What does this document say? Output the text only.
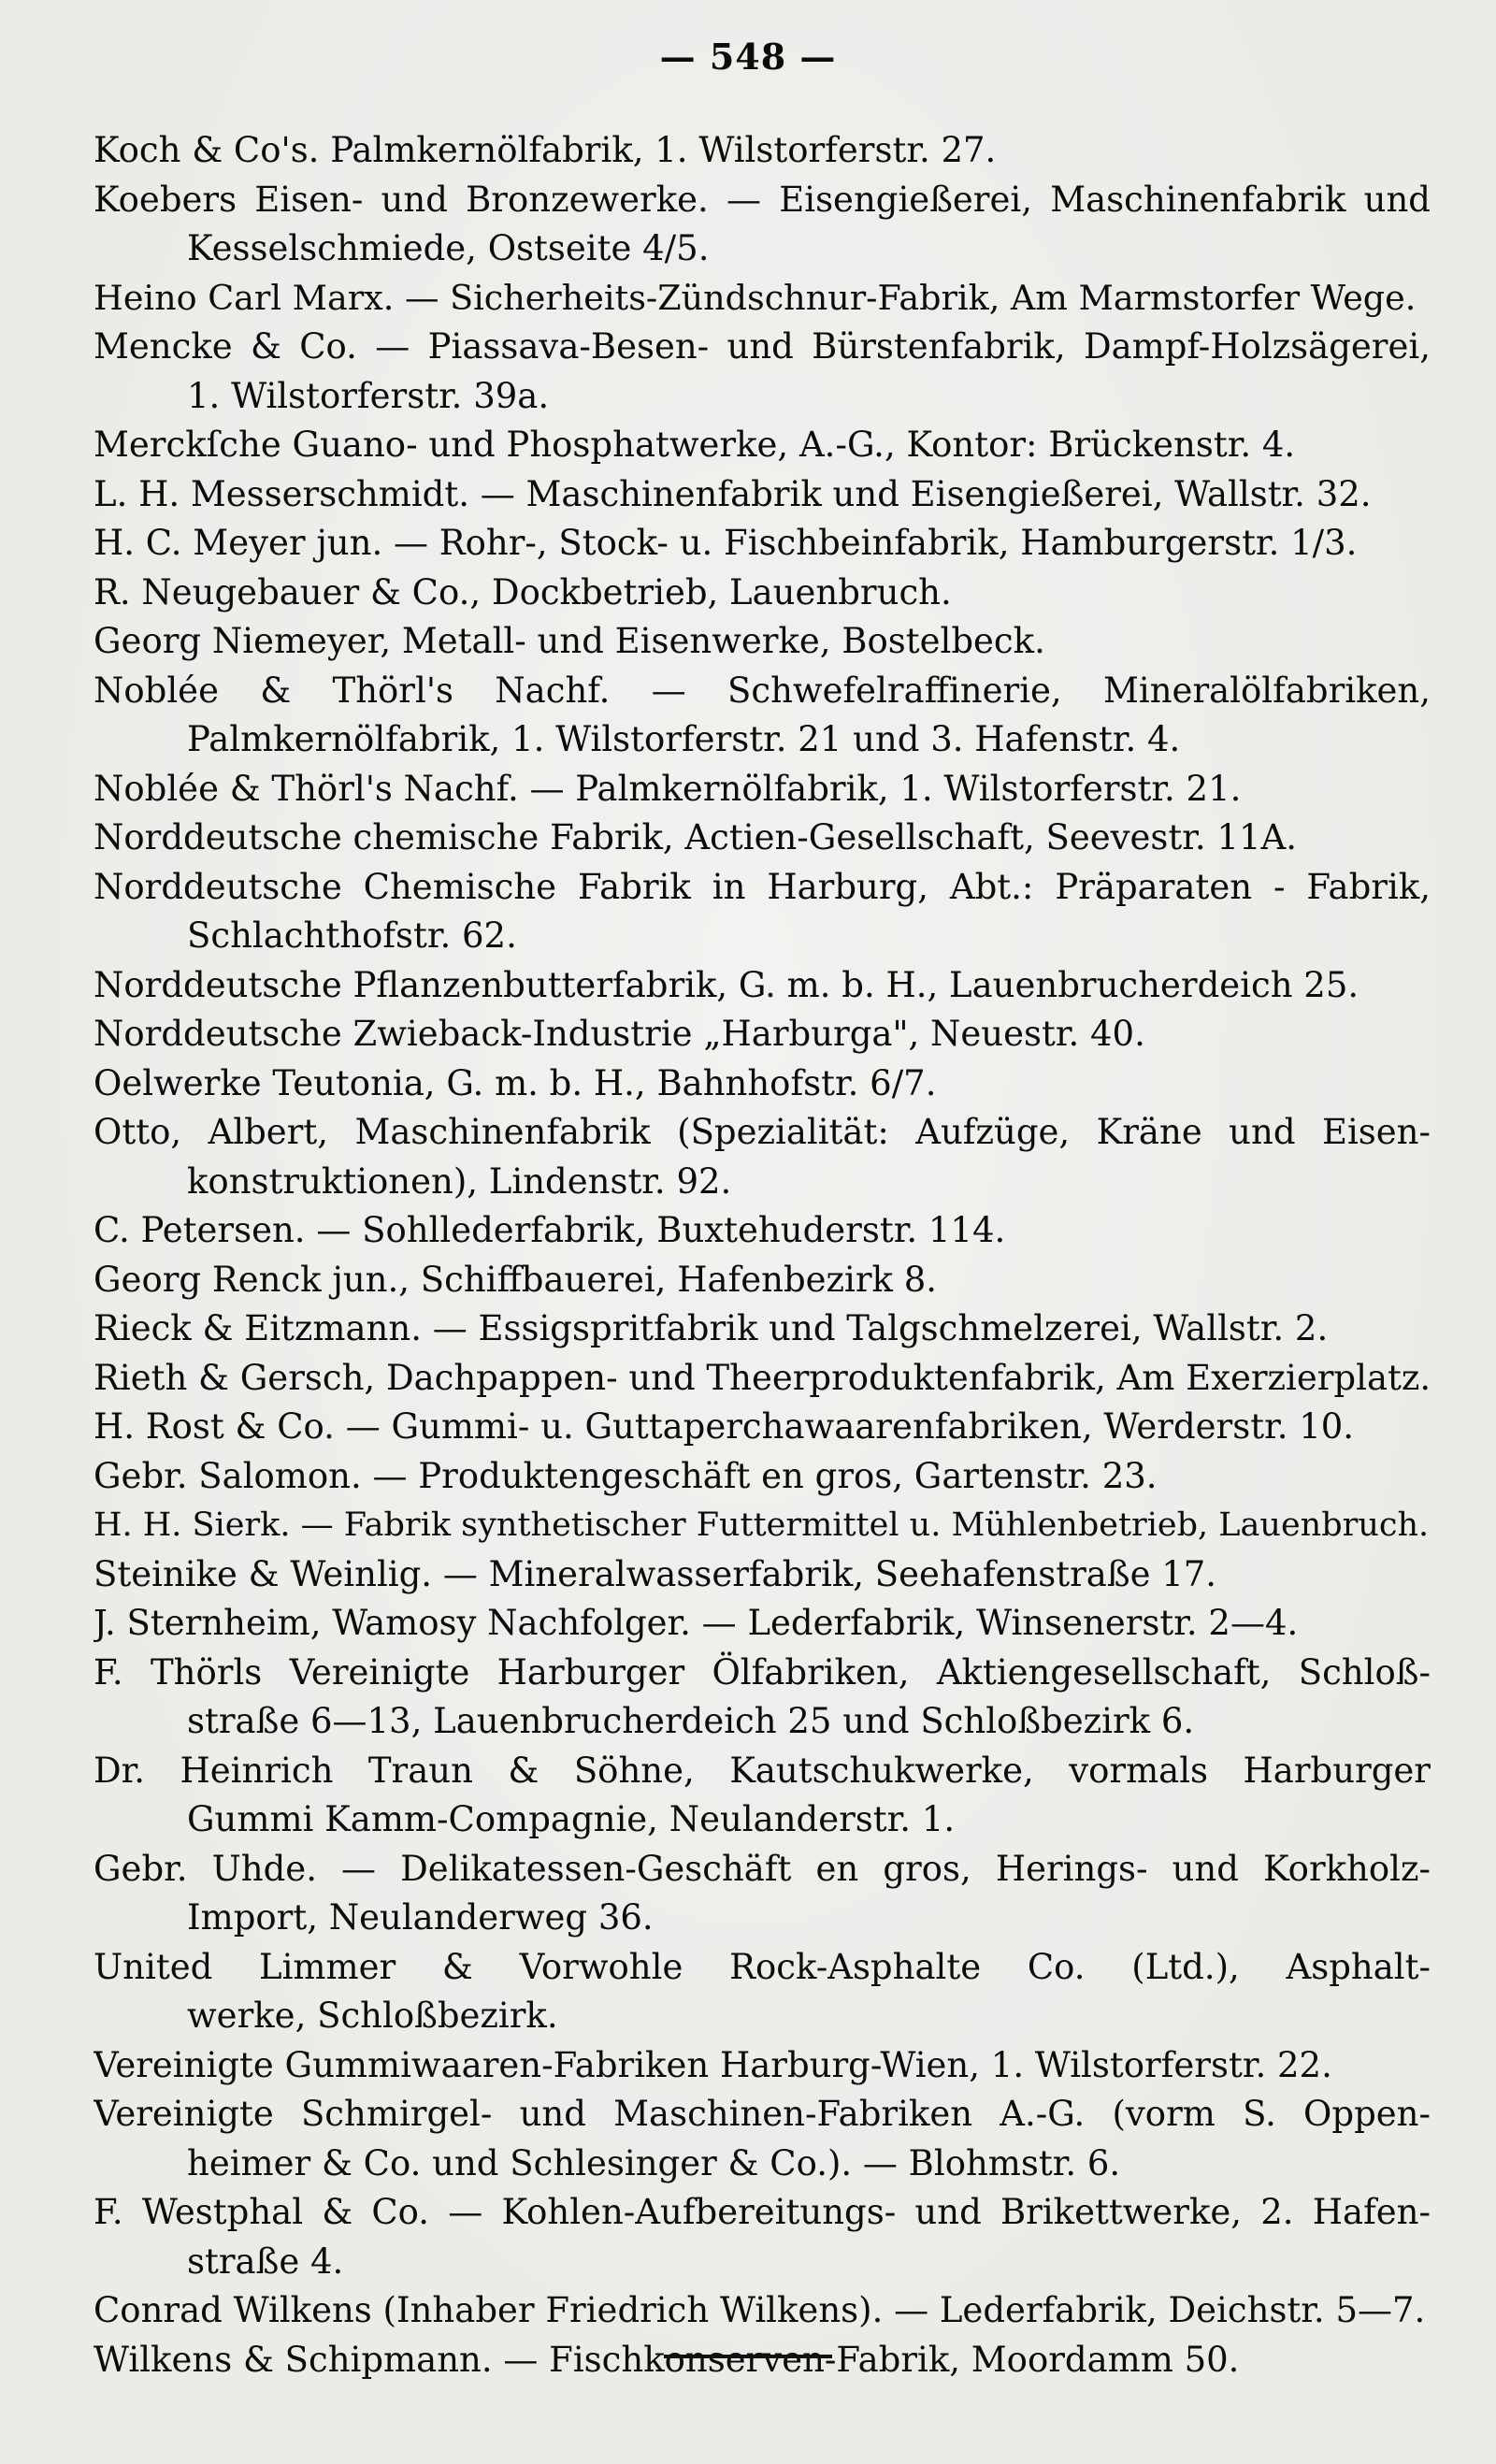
— 548 —
Koch & Co's. Palmkernölfabrik, 1. Wilstorferstr. 27.
Koebers Eisen- und Bronzewerke. — Eisengießerei, Maschinenfabrik und
Kesselschmiede, Ostseite 4/5.
Heino Carl Marx. — Sicherheits-Zündschnur-Fabrik, Am Marmstorfer Wege.
Mencke & Co. — Piassava-Besen- und Bürstenfabrik, Dampf-Holzsägerei,
1. Wilstorferstr. 39a.
Merckſche Guano- und Phosphatwerke, A.-G., Kontor: Brückenstr. 4.
L. H. Messerschmidt. — Maschinenfabrik und Eisengießerei, Wallstr. 32.
H. C. Meyer jun. — Rohr-, Stock- u. Fischbeinfabrik, Hamburgerstr. 1/3.
R. Neugebauer & Co., Dockbetrieb, Lauenbruch.
Georg Niemeyer, Metall- und Eisenwerke, Bostelbeck.
Noblée & Thörl's Nachf. — Schwefelraffinerie, Mineralölfabriken,
Palmkernölfabrik, 1. Wilstorferstr. 21 und 3. Hafenstr. 4.
Noblée & Thörl's Nachf. — Palmkernölfabrik, 1. Wilstorferstr. 21.
Norddeutsche chemische Fabrik, Actien-Gesellschaft, Seevestr. 11A.
Norddeutsche Chemische Fabrik in Harburg, Abt.: Präparaten - Fabrik,
Schlachthofstr. 62.
Norddeutsche Pflanzenbutterfabrik, G. m. b. H., Lauenbrucherdeich 25.
Norddeutsche Zwieback-Industrie „Harburga", Neuestr. 40.
Oelwerke Teutonia, G. m. b. H., Bahnhofstr. 6/7.
Otto, Albert, Maschinenfabrik (Spezialität: Aufzüge, Kräne und Eisen-
konstruktionen), Lindenstr. 92.
C. Petersen. — Sohllederfabrik, Buxtehuderstr. 114.
Georg Renck jun., Schiffbauerei, Hafenbezirk 8.
Rieck & Eitzmann. — Essigspritfabrik und Talgschmelzerei, Wallstr. 2.
Rieth & Gersch, Dachpappen- und Theerproduktenfabrik, Am Exerzierplatz.
H. Rost & Co. — Gummi- u. Guttaperchawaarenfabriken, Werderstr. 10.
Gebr. Salomon. — Produktengeschäft en gros, Gartenstr. 23.
H. H. Sierk. — Fabrik synthetischer Futtermittel u. Mühlenbetrieb, Lauenbruch.
Steinike & Weinlig. — Mineralwasserfabrik, Seehafenstraße 17.
J. Sternheim, Wamosy Nachfolger. — Lederfabrik, Winsenerstr. 2—4.
F. Thörls Vereinigte Harburger Ölfabriken, Aktiengesellschaft, Schloß-
straße 6—13, Lauenbrucherdeich 25 und Schloßbezirk 6.
Dr. Heinrich Traun & Söhne, Kautschukwerke, vormals Harburger
Gummi Kamm-Compagnie, Neulanderstr. 1.
Gebr. Uhde. — Delikatessen-Geschäft en gros, Herings- und Korkholz-
Import, Neulanderweg 36.
United Limmer & Vorwohle Rock-Asphalte Co. (Ltd.), Asphalt-
werke, Schloßbezirk.
Vereinigte Gummiwaaren-Fabriken Harburg-Wien, 1. Wilstorferstr. 22.
Vereinigte Schmirgel- und Maschinen-Fabriken A.-G. (vorm S. Oppen-
heimer & Co. und Schlesinger & Co.). — Blohmstr. 6.
F. Westphal & Co. — Kohlen-Aufbereitungs- und Brikettwerke, 2. Hafen-
straße 4.
Conrad Wilkens (Inhaber Friedrich Wilkens). — Lederfabrik, Deichstr. 5—7.
Wilkens & Schipmann. — Fischkonserven-Fabrik, Moordamm 50.
